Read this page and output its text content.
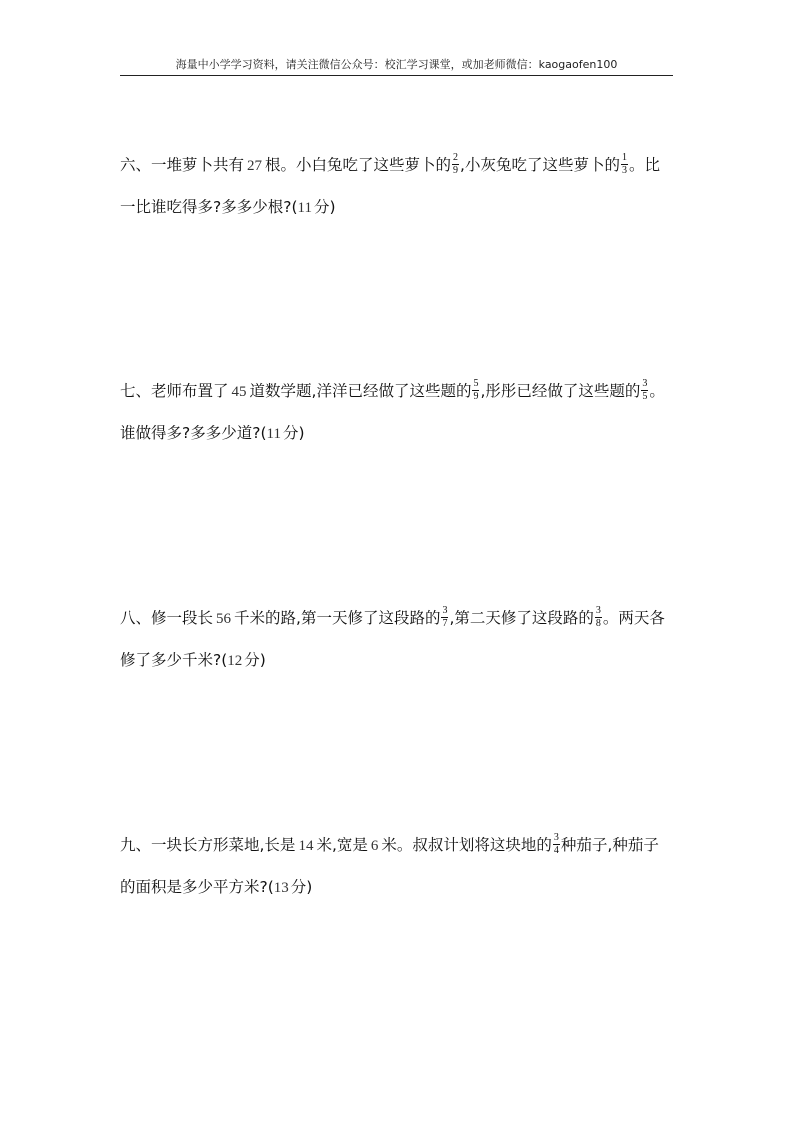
海量中小学学习资料，请关注微信公众号：校汇学习课堂，或加老师微信：kaogaofen100
六、一堆萝卜共有 27 根。小白兔吃了这些萝卜的 $\frac{2}{9}$ ,小灰兔吃了这些萝卜的 $\frac{1}{3}$ 。比
一比谁吃得多?多多少根?(11 分)
七、老师布置了 45 道数学题,洋洋已经做了这些题的 $\frac{5}{9}$ ,彤彤已经做了这些题的 $\frac{3}{5}$ 。
谁做得多?多多少道?(11 分)
八、修一段长 56 千米的路,第一天修了这段路的 $\frac{3}{7}$ ,第二天修了这段路的 $\frac{3}{8}$ 。两天各
修了多少千米?(12 分)
九、一块长方形菜地,长是 14 米,宽是 6 米。叔叔计划将这块地的 $\frac{3}{4}$ 种茄子,种茄子
的面积是多少平方米?(13 分)
